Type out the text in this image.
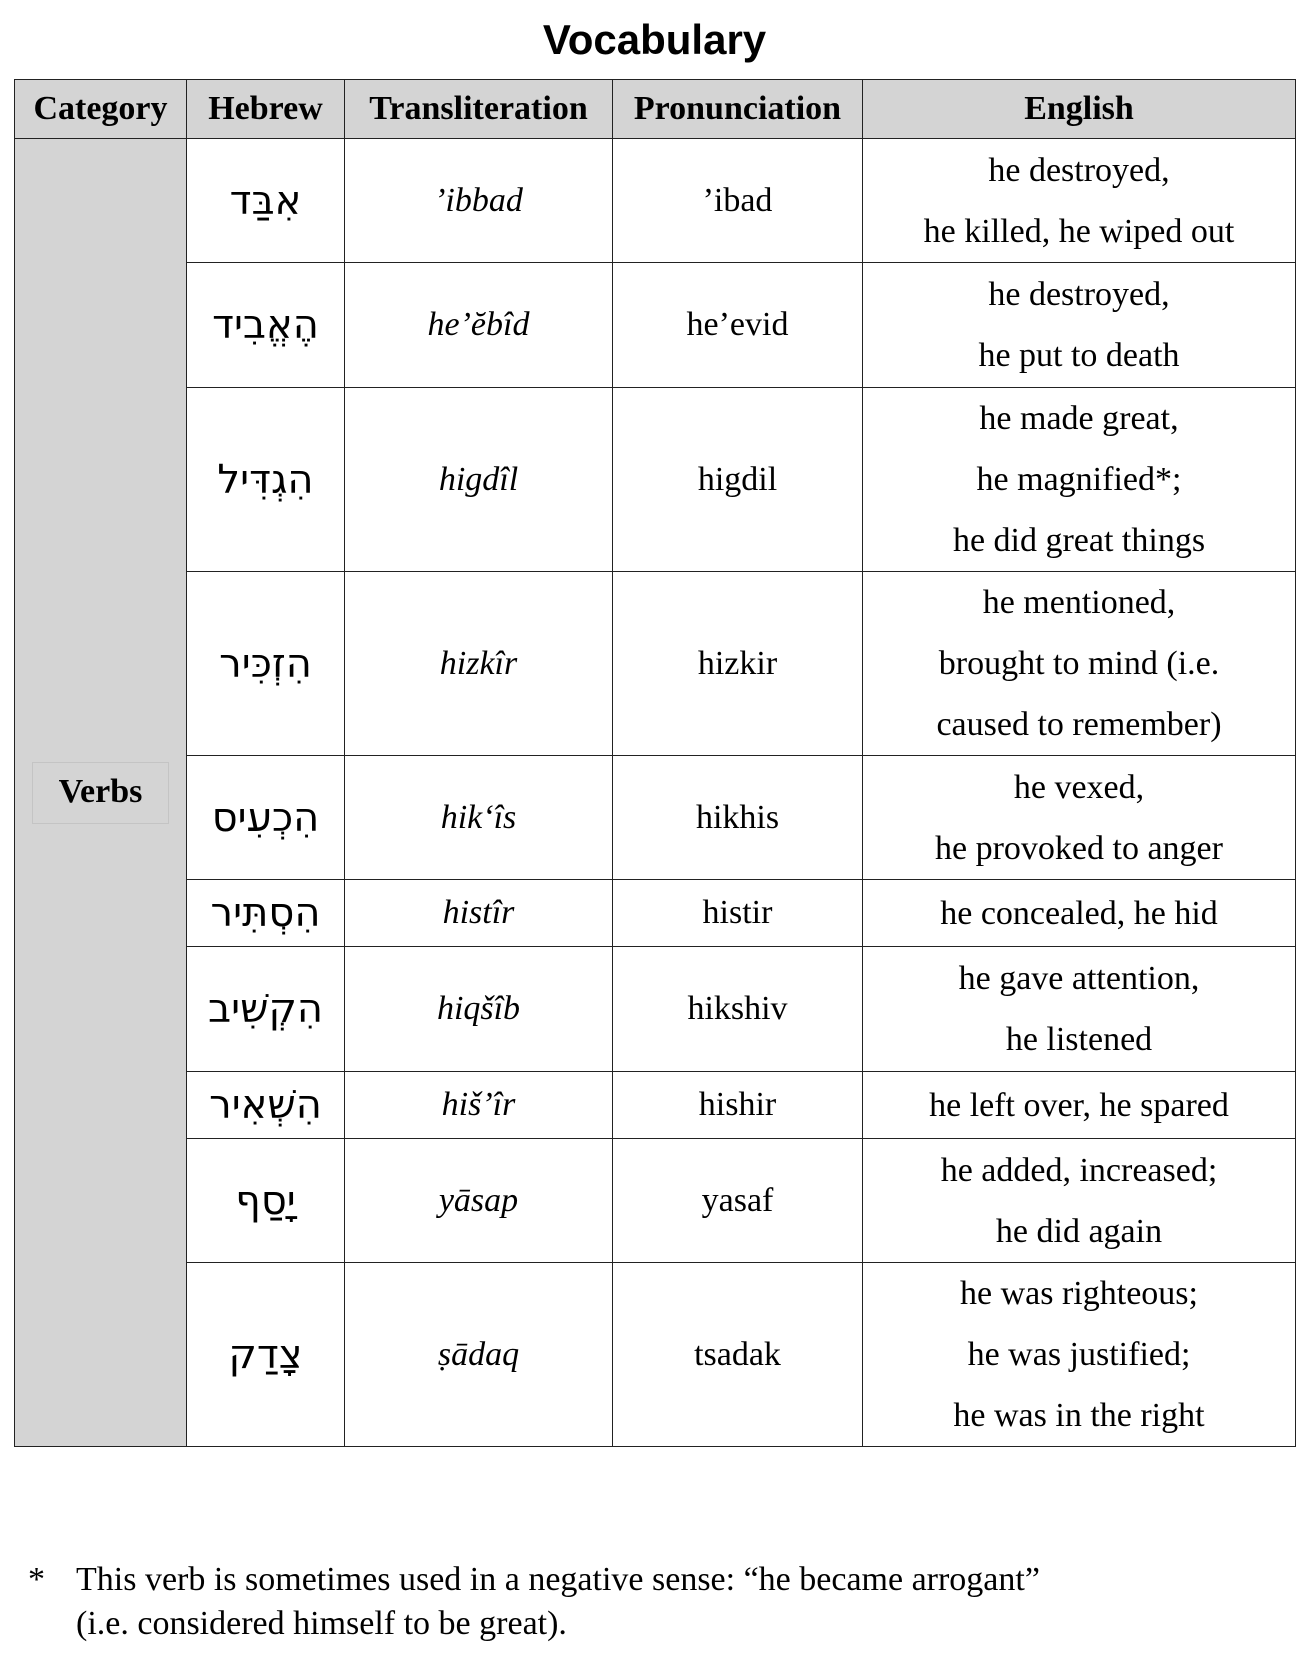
Vocabulary
Category	Hebrew	Transliteration	Pronunciation	English
Verbs	אִבַּד	’ibbad	’ibad	he destroyed,
he killed, he wiped out

	הֶאֱבִיד	he’ĕbîd	he’evid	he destroyed,
he put to death

	הִגְדִּיל	higdîl	higdil	he made great,
he magnified*;
he did great things

	הִזְכִּיר	hizkîr	hizkir	he mentioned,
brought to mind (i.e.
caused to remember)

	הִכְעִיס	hik‘îs	hikhis	he vexed,
he provoked to anger

	הִסְתִּיר	histîr	histir	he concealed, he hid

	הִקְשִׁיב	hiqšîb	hikshiv	he gave attention,
he listened

	הִשְׁאִיר	hiš’îr	hishir	he left over, he spared

	יָסַף	yāsap	yasaf	he added, increased;
he did again

	צָדַק	ṣādaq	tsadak	he was righteous;
he was justified;
he was in the right
* This verb is sometimes used in a negative sense: “he became arrogant”
(i.e. considered himself to be great).
